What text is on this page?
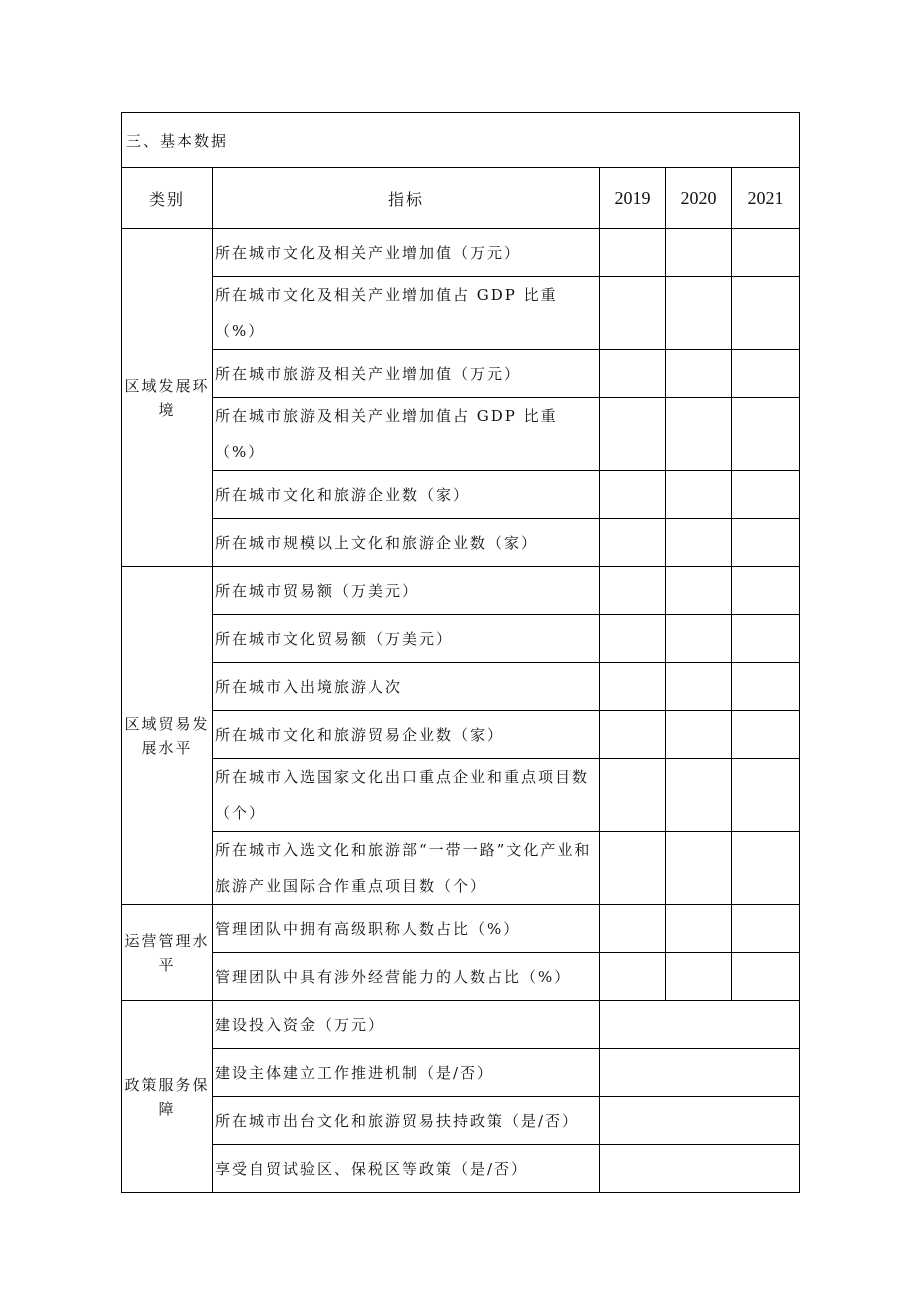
三、基本数据				
类别	指标	2019	2020	2021
区域发展环境	所在城市文化及相关产业增加值（万元）			
	所在城市文化及相关产业增加值占 GDP 比重（%）			
	所在城市旅游及相关产业增加值（万元）			
	所在城市旅游及相关产业增加值占 GDP 比重（%）			
	所在城市文化和旅游企业数（家）			
	所在城市规模以上文化和旅游企业数（家）			
区域贸易发展水平	所在城市贸易额（万美元）			
	所在城市文化贸易额（万美元）			
	所在城市入出境旅游人次			
	所在城市文化和旅游贸易企业数（家）			
	所在城市入选国家文化出口重点企业和重点项目数（个）			
	所在城市入选文化和旅游部“一带一路”文化产业和旅游产业国际合作重点项目数（个）			
运营管理水平	管理团队中拥有高级职称人数占比（%）			
	管理团队中具有涉外经营能力的人数占比（%）			
政策服务保障	建设投入资金（万元）			
	建设主体建立工作推进机制（是/否）			
	所在城市出台文化和旅游贸易扶持政策（是/否）			
	享受自贸试验区、保税区等政策（是/否）			
